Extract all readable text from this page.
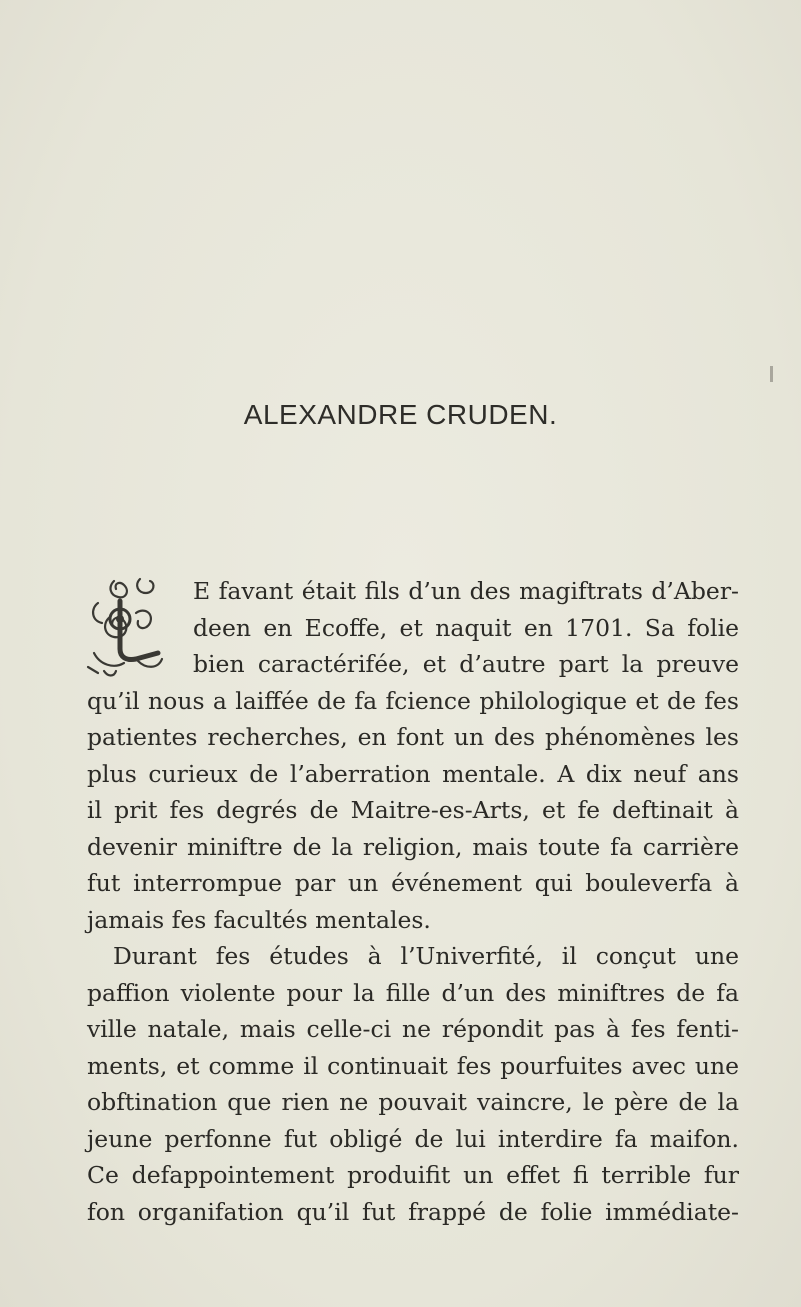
ALEXANDRE CRUDEN.
E favant était fils d’un des magiftrats d’Aber-
deen en Ecoffe, et naquit en 1701. Sa folie
bien caractérifée, et d’autre part la preuve
qu’il nous a laiffée de fa fcience philologique et de fes
patientes recherches, en font un des phénomènes les
plus curieux de l’aberration mentale. A dix neuf ans
il prit fes degrés de Maitre-es-Arts, et fe deftinait à
devenir miniftre de la religion, mais toute fa carrière
fut interrompue par un événement qui bouleverfa à
jamais fes facultés mentales.
Durant fes études à l’Univerfité, il conçut une
paffion violente pour la fille d’un des miniftres de fa
ville natale, mais celle-ci ne répondit pas à fes fenti-
ments, et comme il continuait fes pourfuites avec une
obftination que rien ne pouvait vaincre, le père de la
jeune perfonne fut obligé de lui interdire fa maifon.
Ce defappointement produifit un effet fi terrible fur
fon organifation qu’il fut frappé de folie immédiate-
